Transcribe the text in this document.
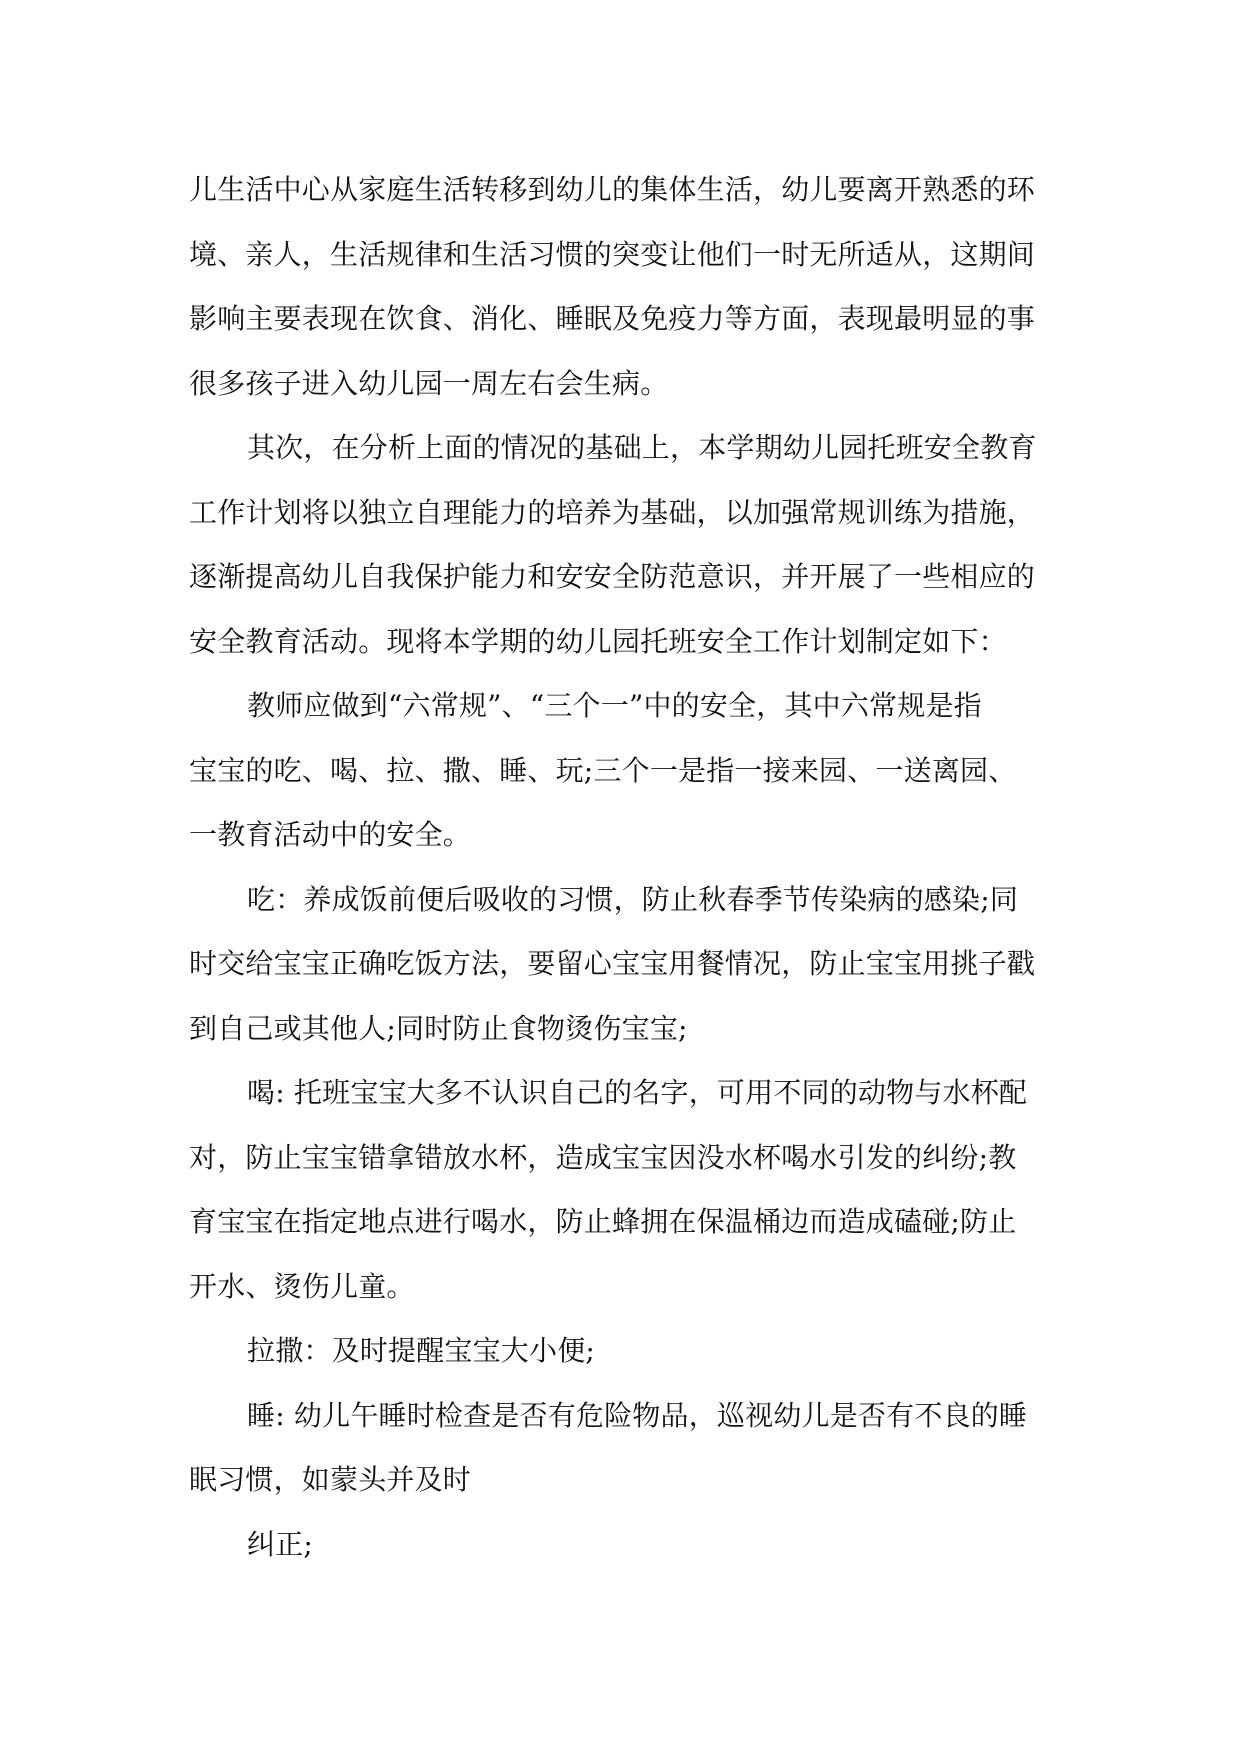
儿生活中心从家庭生活转移到幼儿的集体生活，幼儿要离开熟悉的环
境、亲人，生活规律和生活习惯的突变让他们一时无所适从，这期间
影响主要表现在饮食、消化、睡眠及免疫力等方面，表现最明显的事
很多孩子进入幼儿园一周左右会生病。
其次，在分析上面的情况的基础上，本学期幼儿园托班安全教育
工作计划将以独立自理能力的培养为基础，以加强常规训练为措施，
逐渐提高幼儿自我保护能力和安安全防范意识，并开展了一些相应的
安全教育活动。现将本学期的幼儿园托班安全工作计划制定如下：
教师应做到“六常规”、“三个一”中的安全，其中六常规是指
宝宝的吃、喝、拉、撒、睡、玩;三个一是指一接来园、一送离园、
一教育活动中的安全。
吃：养成饭前便后吸收的习惯，防止秋春季节传染病的感染;同
时交给宝宝正确吃饭方法，要留心宝宝用餐情况，防止宝宝用挑子戳
到自己或其他人;同时防止食物烫伤宝宝;
喝: 托班宝宝大多不认识自己的名字，可用不同的动物与水杯配
对，防止宝宝错拿错放水杯，造成宝宝因没水杯喝水引发的纠纷;教
育宝宝在指定地点进行喝水，防止蜂拥在保温桶边而造成磕碰;防止
开水、烫伤儿童。
拉撒：及时提醒宝宝大小便;
睡: 幼儿午睡时检查是否有危险物品，巡视幼儿是否有不良的睡
眠习惯，如蒙头并及时
纠正;
